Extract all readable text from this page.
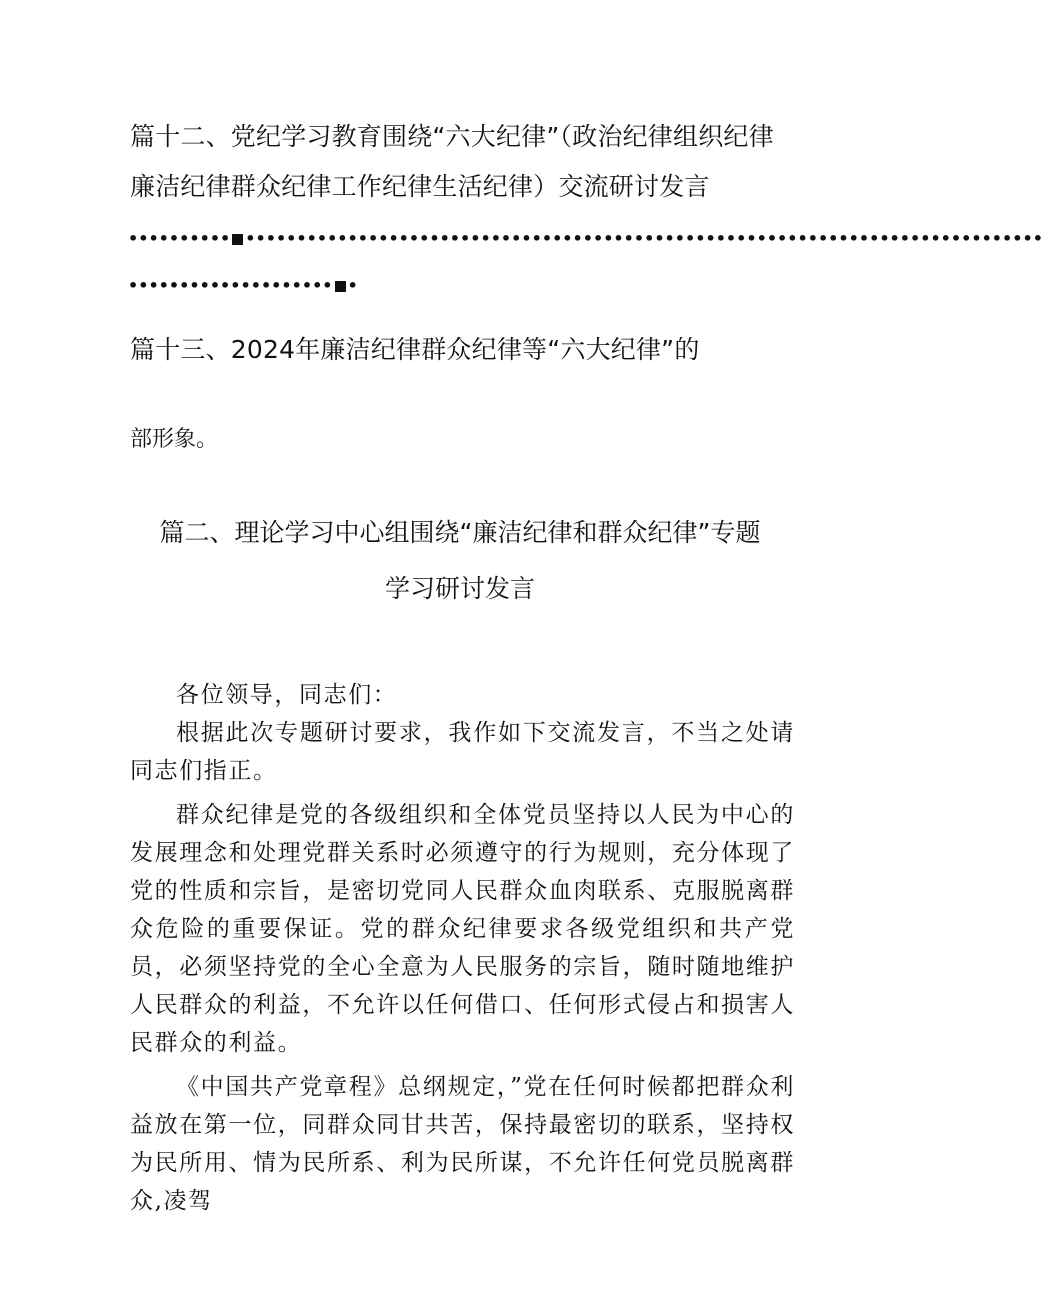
篇十二、党纪学习教育围绕“六大纪律”（政治纪律组织纪律
廉洁纪律群众纪律工作纪律生活纪律）交流研讨发言
•••••••••• ••••••••••••••••••••••••••••••••••••••••••••••••••••••••••••••••••••••••••••••
•••••••••••••••••••• •
篇十三、2024年廉洁纪律群众纪律等“六大纪律”的
部形象。
篇二、理论学习中心组围绕“廉洁纪律和群众纪律”专题
学习研讨发言

各位领导，同志们：

根据此次专题研讨要求，我作如下交流发言，不当之处请同志们指正。

群众纪律是党的各级组织和全体党员坚持以人民为中心的发展理念和处理党群关系时必须遵守的行为规则，充分体现了党的性质和宗旨，是密切党同人民群众血肉联系、克服脱离群众危险的重要保证。党的群众纪律要求各级党组织和共产党员，必须坚持党的全心全意为人民服务的宗旨，随时随地维护人民群众的利益，不允许以任何借口、任何形式侵占和损害人民群众的利益。

《中国共产党章程》总纲规定，”党在任何时候都把群众利益放在第一位，同群众同甘共苦，保持最密切的联系，坚持权为民所用、情为民所系、利为民所谋，不允许任何党员脱离群众,凌驾
